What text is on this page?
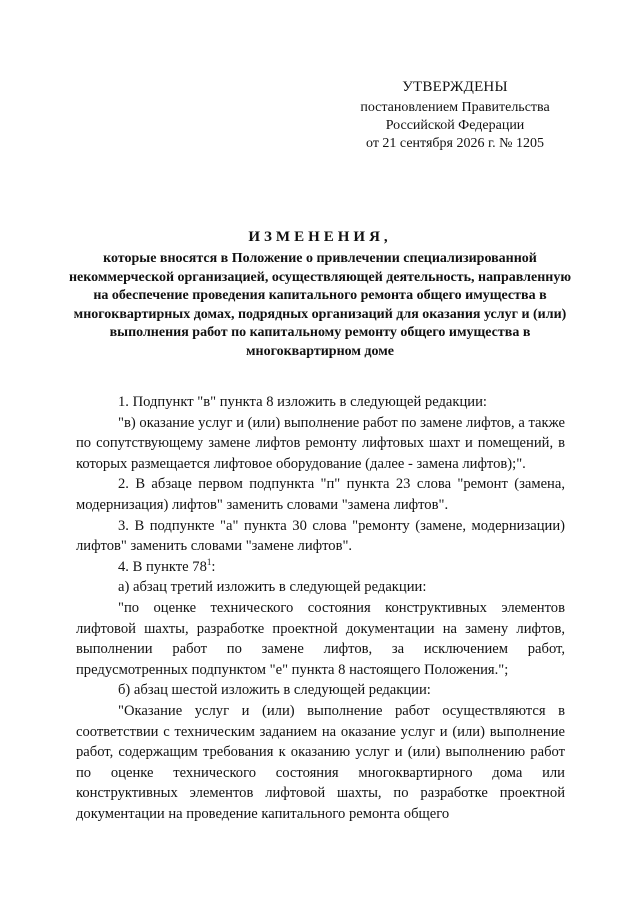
УТВЕРЖДЕНЫ
постановлением Правительства
Российской Федерации
от 21 сентября 2026 г. № 1205
ИЗМЕНЕНИЯ,
которые вносятся в Положение о привлечении специализированной некоммерческой организацией, осуществляющей деятельность, направленную на обеспечение проведения капитального ремонта общего имущества в многоквартирных домах, подрядных организаций для оказания услуг и (или) выполнения работ по капитальному ремонту общего имущества в многоквартирном доме

1. Подпункт "в" пункта 8 изложить в следующей редакции:

"в) оказание услуг и (или) выполнение работ по замене лифтов, а также по сопутствующему замене лифтов ремонту лифтовых шахт и помещений, в которых размещается лифтовое оборудование (далее - замена лифтов);".

2. В абзаце первом подпункта "п" пункта 23 слова "ремонт (замена, модернизация) лифтов" заменить словами "замена лифтов".

3. В подпункте "а" пункта 30 слова "ремонту (замене, модернизации) лифтов" заменить словами "замене лифтов".

4. В пункте $78^1$:

а) абзац третий изложить в следующей редакции:

"по оценке технического состояния конструктивных элементов лифтовой шахты, разработке проектной документации на замену лифтов, выполнении работ по замене лифтов, за исключением работ, предусмотренных подпунктом "е" пункта 8 настоящего Положения.";

б) абзац шестой изложить в следующей редакции:

"Оказание услуг и (или) выполнение работ осуществляются в соответствии с техническим заданием на оказание услуг и (или) выполнение работ, содержащим требования к оказанию услуг и (или) выполнению работ по оценке технического состояния многоквартирного дома или конструктивных элементов лифтовой шахты, по разработке проектной документации на проведение капитального ремонта общего
